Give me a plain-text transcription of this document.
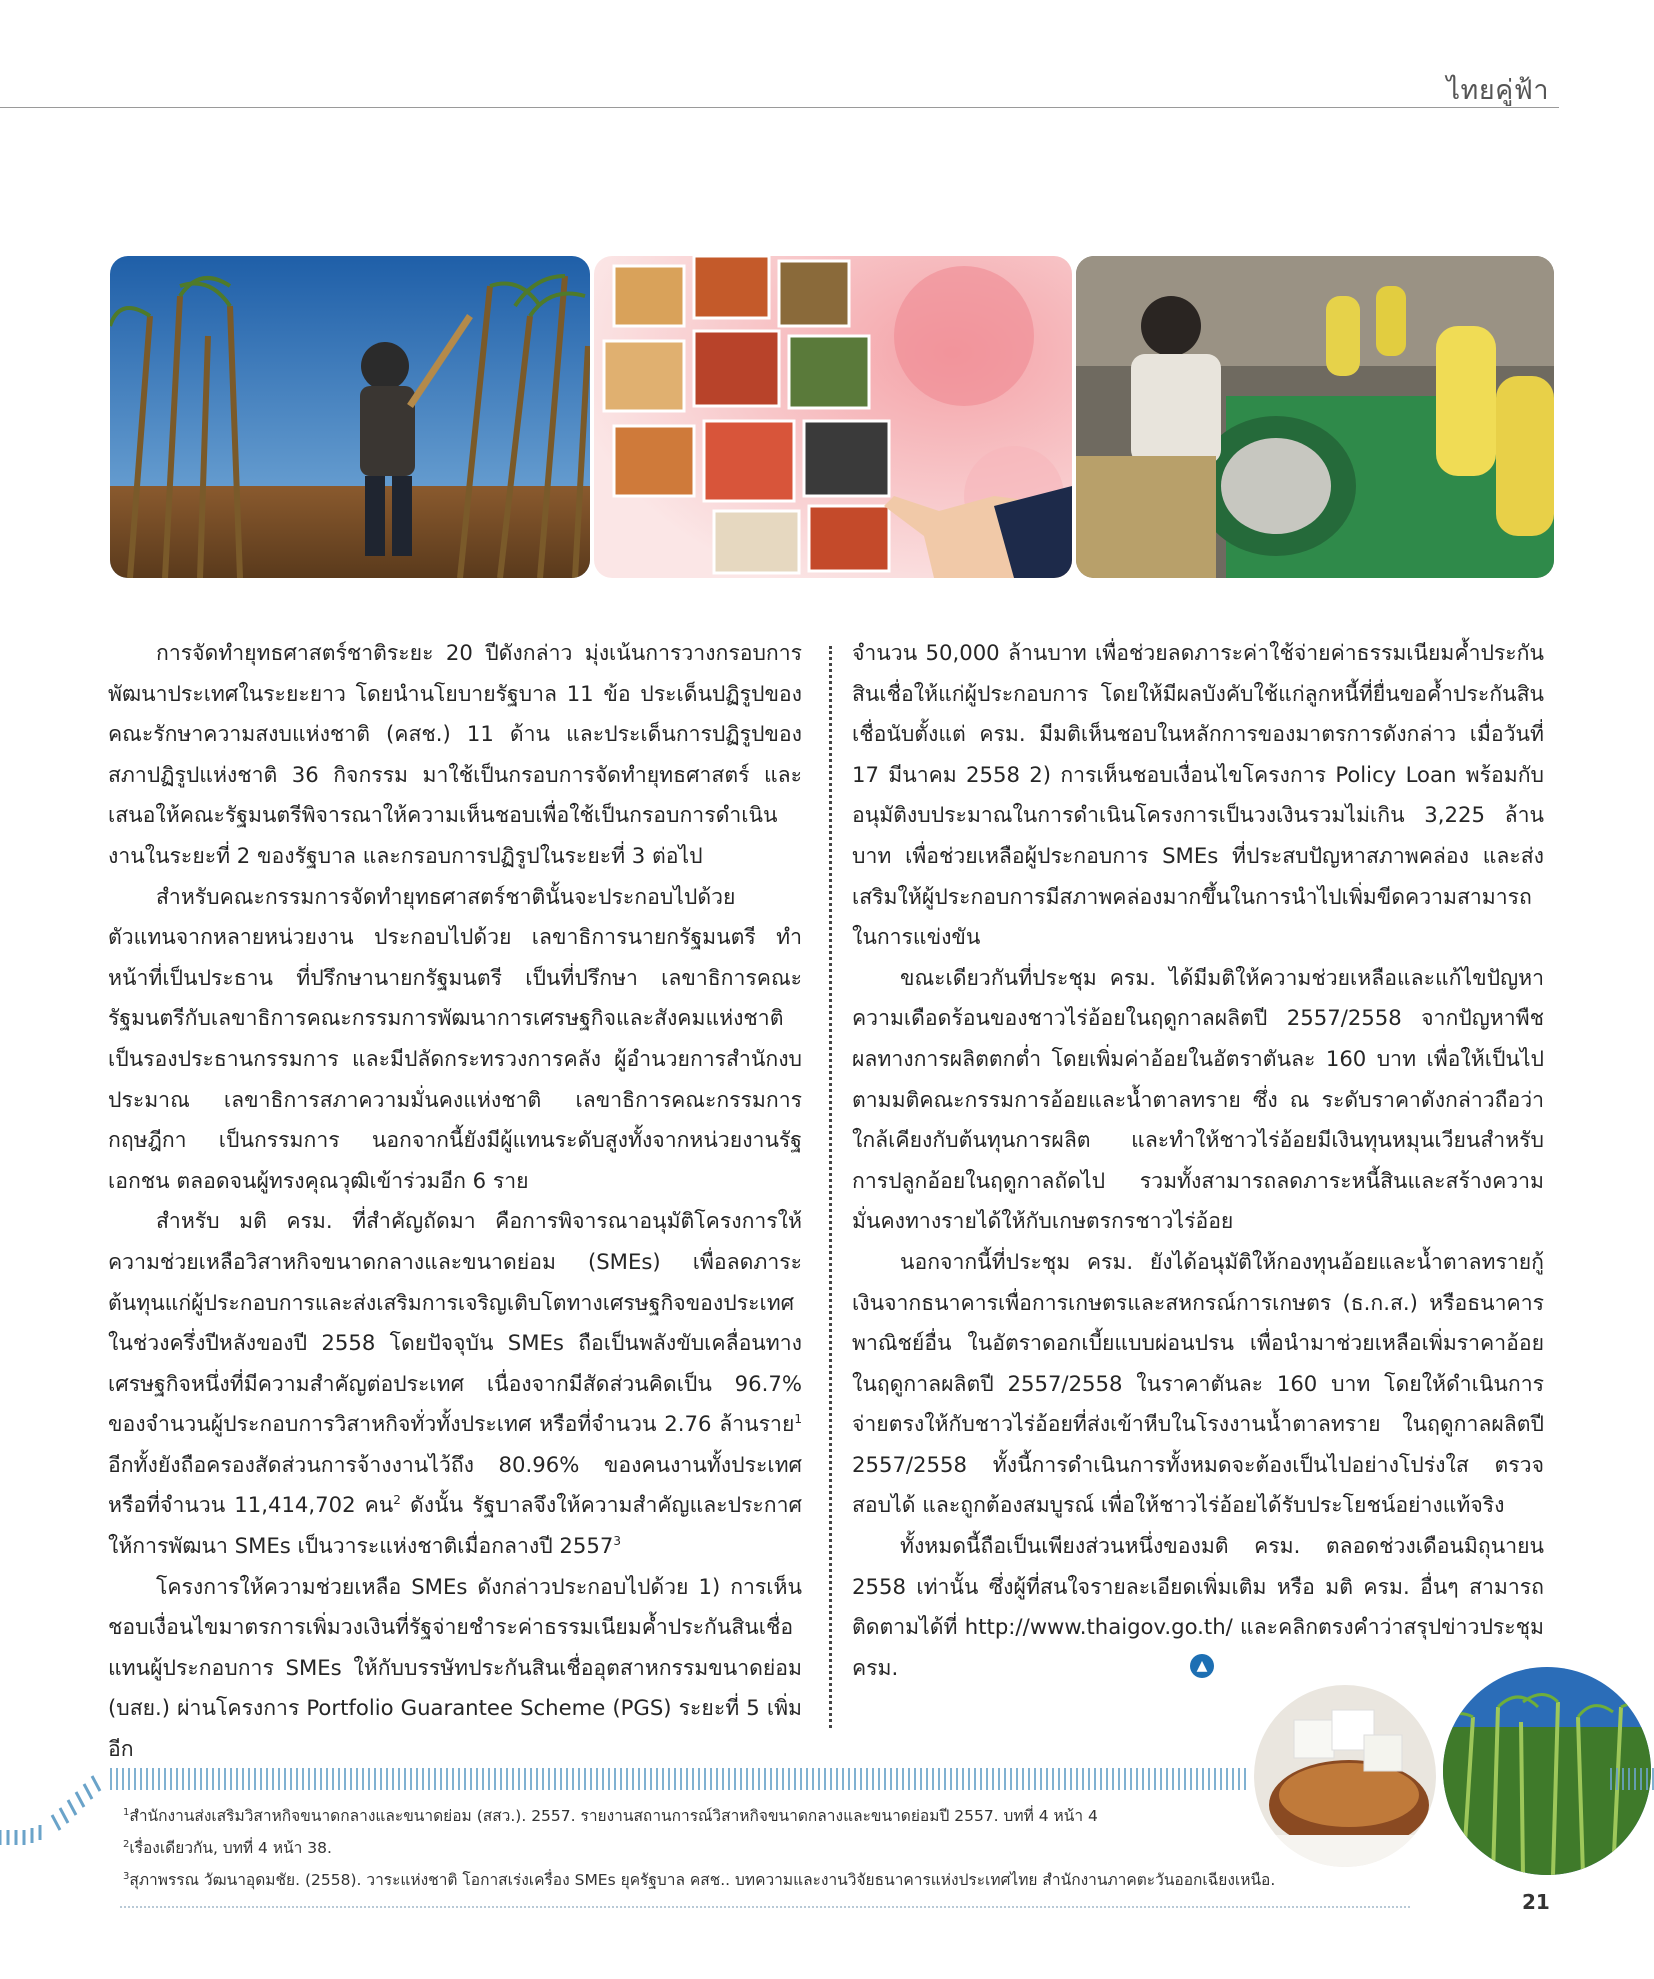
ไทยคู่ฟ้า

การจัดทำยุทธศาสตร์ชาติระยะ 20 ปีดังกล่าว มุ่งเน้นการวางกรอบการพัฒนาประเทศในระยะยาว โดยนำนโยบายรัฐบาล 11 ข้อ ประเด็นปฏิรูปของคณะรักษาความสงบแห่งชาติ (คสช.) 11 ด้าน และประเด็นการปฏิรูปของสภาปฏิรูปแห่งชาติ 36 กิจกรรม มาใช้เป็นกรอบการจัดทำยุทธศาสตร์ และเสนอให้คณะรัฐมนตรีพิจารณาให้ความเห็นชอบเพื่อใช้เป็นกรอบการดำเนินงานในระยะที่ 2 ของรัฐบาล และกรอบการปฏิรูปในระยะที่ 3 ต่อไป

สำหรับคณะกรรมการจัดทำยุทธศาสตร์ชาตินั้นจะประกอบไปด้วยตัวแทนจากหลายหน่วยงาน ประกอบไปด้วย เลขาธิการนายกรัฐมนตรี ทำหน้าที่เป็นประธาน ที่ปรึกษานายกรัฐมนตรี เป็นที่ปรึกษา เลขาธิการคณะรัฐมนตรีกับเลขาธิการคณะกรรมการพัฒนาการเศรษฐกิจและสังคมแห่งชาติ เป็นรองประธานกรรมการ และมีปลัดกระทรวงการคลัง ผู้อำนวยการสำนักงบประมาณ เลขาธิการสภาความมั่นคงแห่งชาติ เลขาธิการคณะกรรมการกฤษฎีกา เป็นกรรมการ นอกจากนี้ยังมีผู้แทนระดับสูงทั้งจากหน่วยงานรัฐ เอกชน ตลอดจนผู้ทรงคุณวุฒิเข้าร่วมอีก 6 ราย

สำหรับ มติ ครม. ที่สำคัญถัดมา คือการพิจารณาอนุมัติโครงการให้ความช่วยเหลือวิสาหกิจขนาดกลางและขนาดย่อม (SMEs) เพื่อลดภาระต้นทุนแก่ผู้ประกอบการและส่งเสริมการเจริญเติบโตทางเศรษฐกิจของประเทศในช่วงครึ่งปีหลังของปี 2558 โดยปัจจุบัน SMEs ถือเป็นพลังขับเคลื่อนทางเศรษฐกิจหนึ่งที่มีความสำคัญต่อประเทศ เนื่องจากมีสัดส่วนคิดเป็น 96.7% ของจำนวนผู้ประกอบการวิสาหกิจทั่วทั้งประเทศ หรือที่จำนวน 2.76 ล้านราย$^1$ อีกทั้งยังถือครองสัดส่วนการจ้างงานไว้ถึง 80.96% ของคนงานทั้งประเทศ หรือที่จำนวน 11,414,702 คน$^2$ ดังนั้น รัฐบาลจึงให้ความสำคัญและประกาศให้การพัฒนา SMEs เป็นวาระแห่งชาติเมื่อกลางปี 2557$^3$

โครงการให้ความช่วยเหลือ SMEs ดังกล่าวประกอบไปด้วย 1) การเห็นชอบเงื่อนไขมาตรการเพิ่มวงเงินที่รัฐจ่ายชำระค่าธรรมเนียมค้ำประกันสินเชื่อแทนผู้ประกอบการ SMEs ให้กับบรรษัทประกันสินเชื่ออุตสาหกรรมขนาดย่อม (บสย.) ผ่านโครงการ Portfolio Guarantee Scheme (PGS) ระยะที่ 5 เพิ่มอีก

จำนวน 50,000 ล้านบาท เพื่อช่วยลดภาระค่าใช้จ่ายค่าธรรมเนียมค้ำประกันสินเชื่อให้แก่ผู้ประกอบการ โดยให้มีผลบังคับใช้แก่ลูกหนี้ที่ยื่นขอค้ำประกันสินเชื่อนับตั้งแต่ ครม. มีมติเห็นชอบในหลักการของมาตรการดังกล่าว เมื่อวันที่ 17 มีนาคม 2558 2) การเห็นชอบเงื่อนไขโครงการ Policy Loan พร้อมกับอนุมัติงบประมาณในการดำเนินโครงการเป็นวงเงินรวมไม่เกิน 3,225 ล้านบาท เพื่อช่วยเหลือผู้ประกอบการ SMEs ที่ประสบปัญหาสภาพคล่อง และส่งเสริมให้ผู้ประกอบการมีสภาพคล่องมากขึ้นในการนำไปเพิ่มขีดความสามารถในการแข่งขัน

ขณะเดียวกันที่ประชุม ครม. ได้มีมติให้ความช่วยเหลือและแก้ไขปัญหาความเดือดร้อนของชาวไร่อ้อยในฤดูกาลผลิตปี 2557/2558 จากปัญหาพืชผลทางการผลิตตกต่ำ โดยเพิ่มค่าอ้อยในอัตราตันละ 160 บาท เพื่อให้เป็นไปตามมติคณะกรรมการอ้อยและน้ำตาลทราย ซึ่ง ณ ระดับราคาดังกล่าวถือว่าใกล้เคียงกับต้นทุนการผลิต และทำให้ชาวไร่อ้อยมีเงินทุนหมุนเวียนสำหรับการปลูกอ้อยในฤดูกาลถัดไป รวมทั้งสามารถลดภาระหนี้สินและสร้างความมั่นคงทางรายได้ให้กับเกษตรกรชาวไร่อ้อย

นอกจากนี้ที่ประชุม ครม. ยังได้อนุมัติให้กองทุนอ้อยและน้ำตาลทรายกู้เงินจากธนาคารเพื่อการเกษตรและสหกรณ์การเกษตร (ธ.ก.ส.) หรือธนาคารพาณิชย์อื่น ในอัตราดอกเบี้ยแบบผ่อนปรน เพื่อนำมาช่วยเหลือเพิ่มราคาอ้อยในฤดูกาลผลิตปี 2557/2558 ในราคาตันละ 160 บาท โดยให้ดำเนินการจ่ายตรงให้กับชาวไร่อ้อยที่ส่งเข้าหีบในโรงงานน้ำตาลทราย ในฤดูกาลผลิตปี 2557/2558 ทั้งนี้การดำเนินการทั้งหมดจะต้องเป็นไปอย่างโปร่งใส ตรวจสอบได้ และถูกต้องสมบูรณ์ เพื่อให้ชาวไร่อ้อยได้รับประโยชน์อย่างแท้จริง

ทั้งหมดนี้ถือเป็นเพียงส่วนหนึ่งของมติ ครม. ตลอดช่วงเดือนมิถุนายน 2558 เท่านั้น ซึ่งผู้ที่สนใจรายละเอียดเพิ่มเติม หรือ มติ ครม. อื่นๆ สามารถติดตามได้ที่ http://www.thaigov.go.th/ และคลิกตรงคำว่าสรุปข่าวประชุม ครม.	▲
$^1$สำนักงานส่งเสริมวิสาหกิจขนาดกลางและขนาดย่อม (สสว.). 2557. รายงานสถานการณ์วิสาหกิจขนาดกลางและขนาดย่อมปี 2557. บทที่ 4 หน้า 4
$^2$เรื่องเดียวกัน, บทที่ 4 หน้า 38.
$^3$สุภาพรรณ วัฒนาอุดมชัย. (2558). วาระแห่งชาติ โอกาสเร่งเครื่อง SMEs ยุครัฐบาล คสช.. บทความและงานวิจัยธนาคารแห่งประเทศไทย สำนักงานภาคตะวันออกเฉียงเหนือ.
21
